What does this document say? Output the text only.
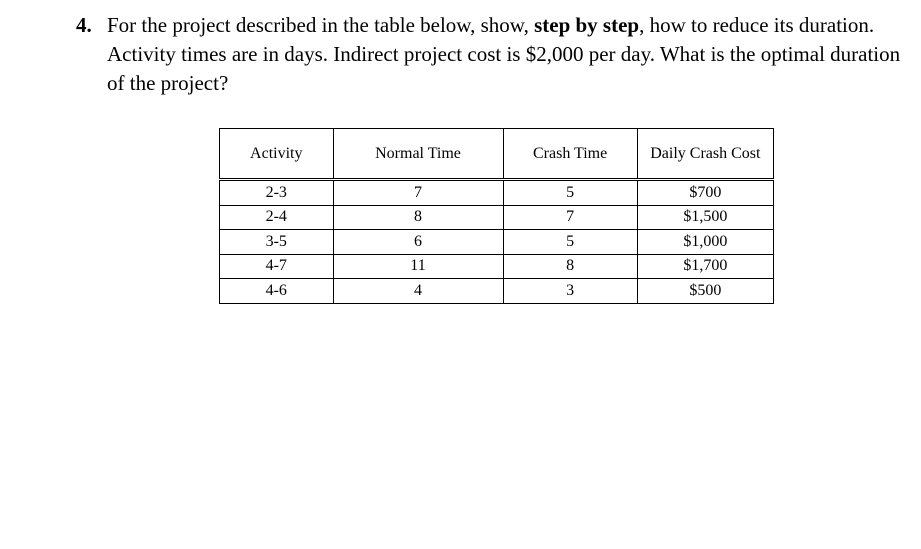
4. For the project described in the table below, show, step by step, how to reduce its duration. Activity times are in days. Indirect project cost is $2,000 per day. What is the optimal duration of the project?
Activity	Normal Time	Crash Time	Daily Crash Cost
2-3	7	5	$700
2-4	8	7	$1,500
3-5	6	5	$1,000
4-7	11	8	$1,700
4-6	4	3	$500
